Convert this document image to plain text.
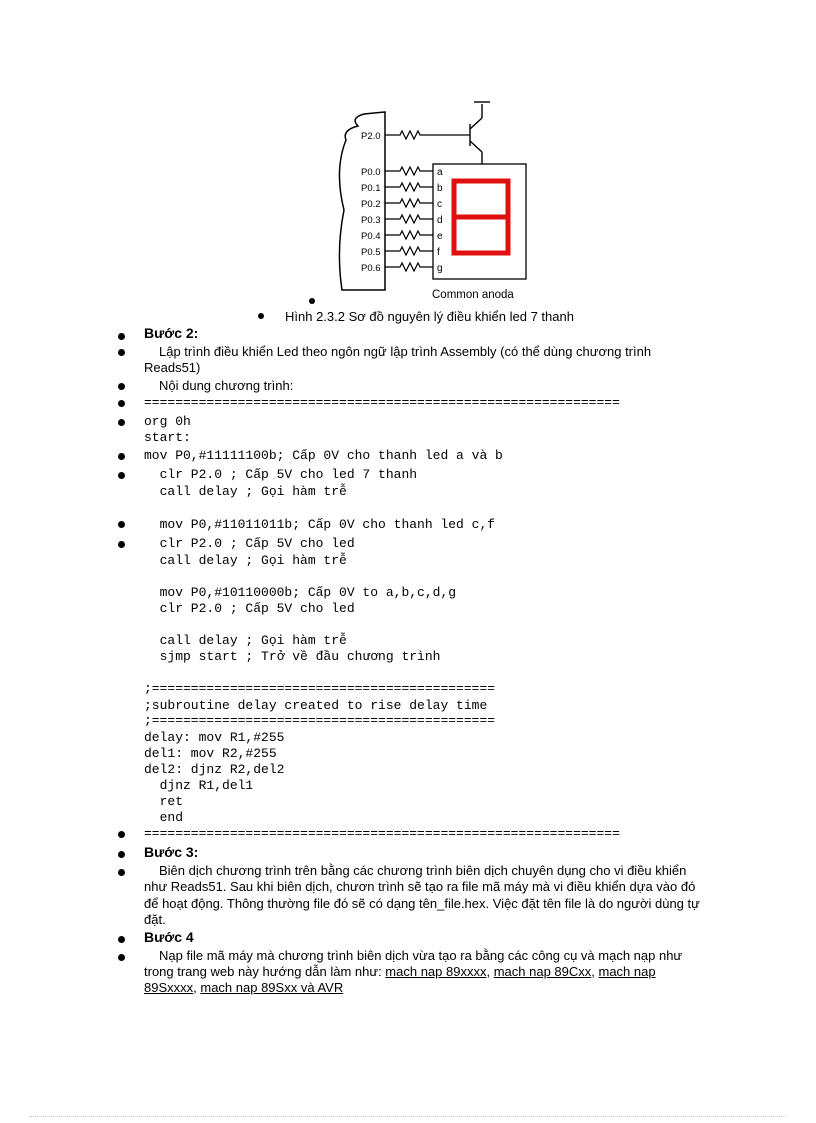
P2.0
P0.0
P0.1
P0.2
P0.3
P0.4
P0.5
P0.6
a
b
c
d
e
f
g
Common anoda
Hình 2.3.2 Sơ đồ nguyên lý điều khiển led 7 thanh
Bước 2:
Lập trình điều khiển Led theo ngôn ngữ lập trình Assembly (có thể dùng chương trình
Reads51)
Nội dung chương trình:
=============================================================
org 0h
start:
mov P0,#11111100b; Cấp 0V cho thanh led a và b
clr P2.0 ; Cấp 5V cho led 7 thanh
call delay ; Gọi hàm trễ
mov P0,#11011011b; Cấp 0V cho thanh led c,f
clr P2.0 ; Cấp 5V cho led
call delay ; Gọi hàm trễ
mov P0,#10110000b; Cấp 0V to a,b,c,d,g
clr P2.0 ; Cấp 5V cho led
call delay ; Gọi hàm trễ
sjmp start ; Trở về đầu chương trình
;============================================
;subroutine delay created to rise delay time
;============================================
delay: mov R1,#255
del1: mov R2,#255
del2: djnz R2,del2
djnz R1,del1
ret
end
=============================================================
Bước 3:
Biên dịch chương trình trên bằng các chương trình biên dịch chuyên dụng cho vi điều khiển
như Reads51. Sau khi biên dịch, chươn trình sẽ tạo ra file mã máy mà vi điều khiển dựa vào đó
để hoạt động. Thông thường file đó sẽ có dạng tên_file.hex. Việc đặt tên file là do người dùng tự
đặt.
Bước 4
Nạp file mã máy mà chương trình biên dịch vừa tạo ra bằng các công cụ và mạch nạp như
trong trang web này hướng dẫn làm như: mach nap 89xxxx, mach nap 89Cxx, mach nap
89Sxxxx, mach nap 89Sxx và AVR
